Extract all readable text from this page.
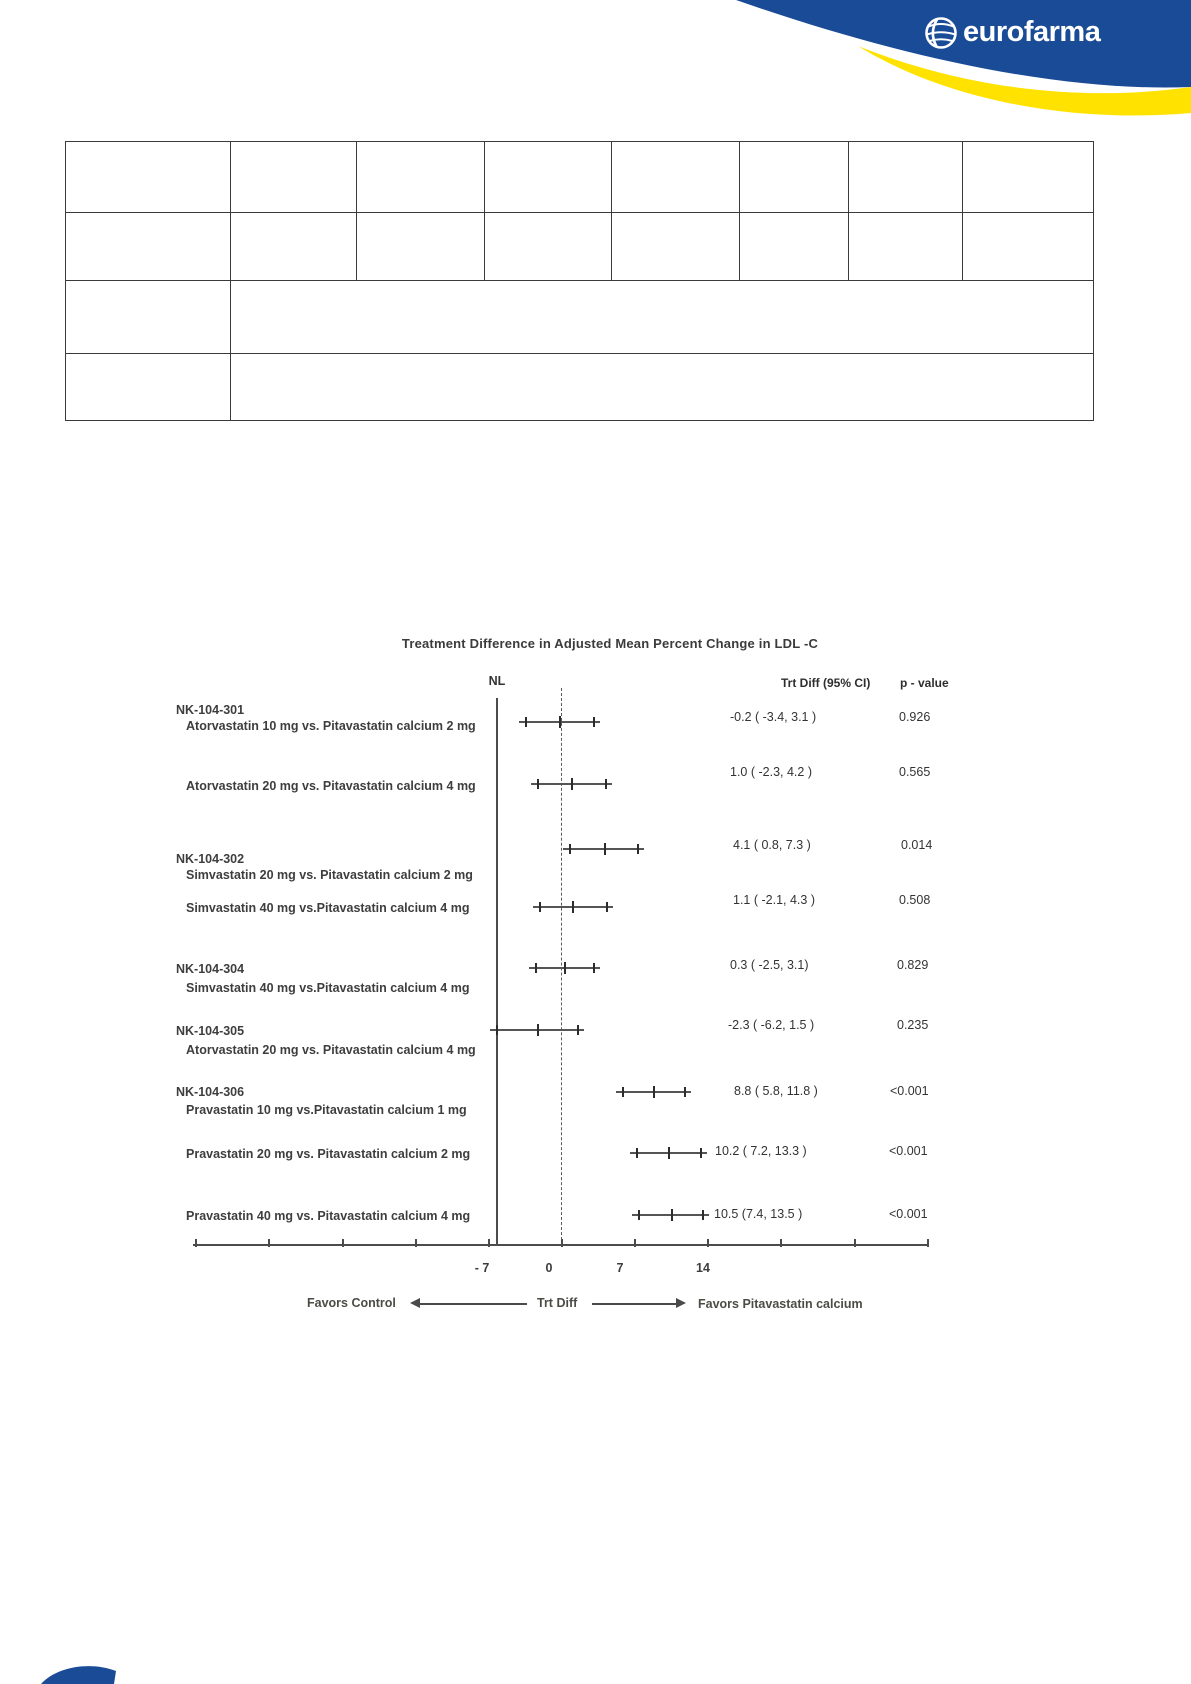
eurofarma

Treatment Difference in Adjusted Mean Percent Change in LDL -C
NL	Trt Diff (95% CI) p - value
- 7	0	7	14
NK-104-301
Atorvastatin 10 mg vs. Pitavastatin calcium 2 mg
-0.2 ( -3.4, 3.1 )	0.926
Atorvastatin 20 mg vs. Pitavastatin calcium 4 mg
1.0 ( -2.3, 4.2 )	0.565
NK-104-302
Simvastatin 20 mg vs. Pitavastatin calcium 2 mg
4.1 ( 0.8, 7.3 )	0.014
Simvastatin 40 mg vs.Pitavastatin calcium 4 mg
1.1 ( -2.1, 4.3 )	0.508
NK-104-304
Simvastatin 40 mg vs.Pitavastatin calcium 4 mg
0.3 ( -2.5, 3.1)	0.829
NK-104-305
Atorvastatin 20 mg vs. Pitavastatin calcium 4 mg
-2.3 ( -6.2, 1.5 )	0.235
NK-104-306
Pravastatin 10 mg vs.Pitavastatin calcium 1 mg
8.8 ( 5.8, 11.8 )	<0.001
Pravastatin 20 mg vs. Pitavastatin calcium 2 mg	10.2 ( 7.2, 13.3 )	<0.001
Pravastatin 40 mg vs. Pitavastatin calcium 4 mg	10.5 (7.4, 13.5 )	<0.001
Favors Control	Trt Diff	Favors Pitavastatin calcium
